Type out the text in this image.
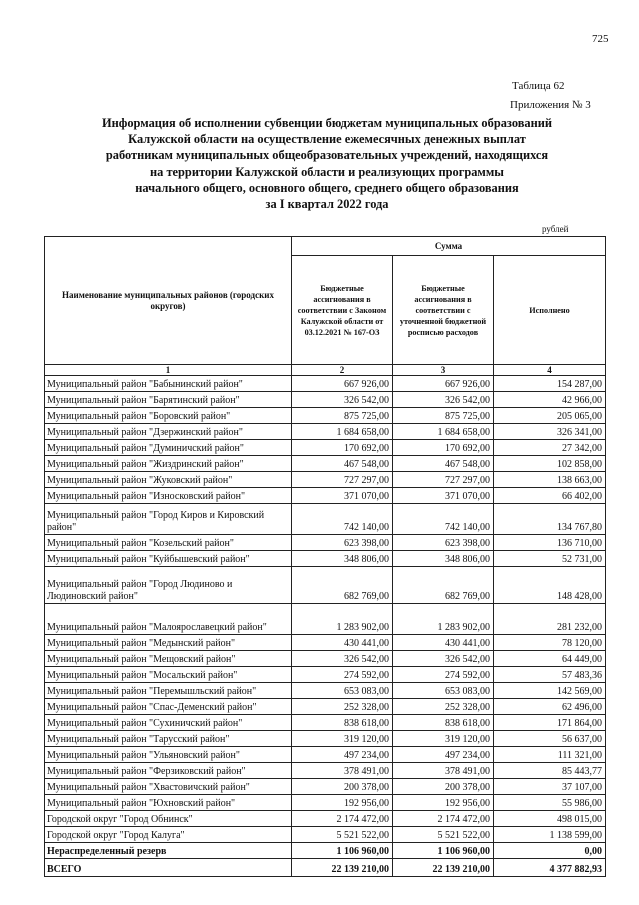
725
Таблица 62
Приложения № 3
Информация об исполнении субвенции бюджетам муниципальных образований
Калужской области на осуществление ежемесячных денежных выплат
работникам муниципальных общеобразовательных учреждений, находящихся
на территории Калужской области и реализующих программы
начального общего, основного общего, среднего общего образования
за I квартал 2022 года
рублей
Наименование муниципальных районов (городских округов)	Сумма		
	Бюджетные ассигнования в соответствии с Законом Калужской области от 03.12.2021 № 167-ОЗ	Бюджетные ассигнования в соответствии с уточненной бюджетной росписью расходов	Исполнено
1	2	3	4
Муниципальный район "Бабынинский район"	667 926,00	667 926,00	154 287,00
Муниципальный район "Барятинский район"	326 542,00	326 542,00	42 966,00
Муниципальный район "Боровский район"	875 725,00	875 725,00	205 065,00
Муниципальный район "Дзержинский район"	1 684 658,00	1 684 658,00	326 341,00
Муниципальный район "Думиничский район"	170 692,00	170 692,00	27 342,00
Муниципальный район "Жиздринский район"	467 548,00	467 548,00	102 858,00
Муниципальный район "Жуковский район"	727 297,00	727 297,00	138 663,00
Муниципальный район "Износковский район"	371 070,00	371 070,00	66 402,00
Муниципальный район "Город Киров и Кировский район"	742 140,00	742 140,00	134 767,80
Муниципальный район "Козельский район"	623 398,00	623 398,00	136 710,00
Муниципальный район "Куйбышевский район"	348 806,00	348 806,00	52 731,00
Муниципальный район "Город Людиново и Людиновский район"	682 769,00	682 769,00	148 428,00
Муниципальный район "Малоярославецкий район"	1 283 902,00	1 283 902,00	281 232,00
Муниципальный район "Медынский район"	430 441,00	430 441,00	78 120,00
Муниципальный район "Мещовский район"	326 542,00	326 542,00	64 449,00
Муниципальный район "Мосальский район"	274 592,00	274 592,00	57 483,36
Муниципальный район "Перемышльский район"	653 083,00	653 083,00	142 569,00
Муниципальный район "Спас-Деменский район"	252 328,00	252 328,00	62 496,00
Муниципальный район "Сухиничский район"	838 618,00	838 618,00	171 864,00
Муниципальный район "Тарусский район"	319 120,00	319 120,00	56 637,00
Муниципальный район "Ульяновский район"	497 234,00	497 234,00	111 321,00
Муниципальный район "Ферзиковский район"	378 491,00	378 491,00	85 443,77
Муниципальный район "Хвастовичский район"	200 378,00	200 378,00	37 107,00
Муниципальный район "Юхновский район"	192 956,00	192 956,00	55 986,00
Городской округ "Город Обнинск"	2 174 472,00	2 174 472,00	498 015,00
Городской округ "Город Калуга"	5 521 522,00	5 521 522,00	1 138 599,00
Нераспределенный резерв	1 106 960,00	1 106 960,00	0,00
ВСЕГО	22 139 210,00	22 139 210,00	4 377 882,93
